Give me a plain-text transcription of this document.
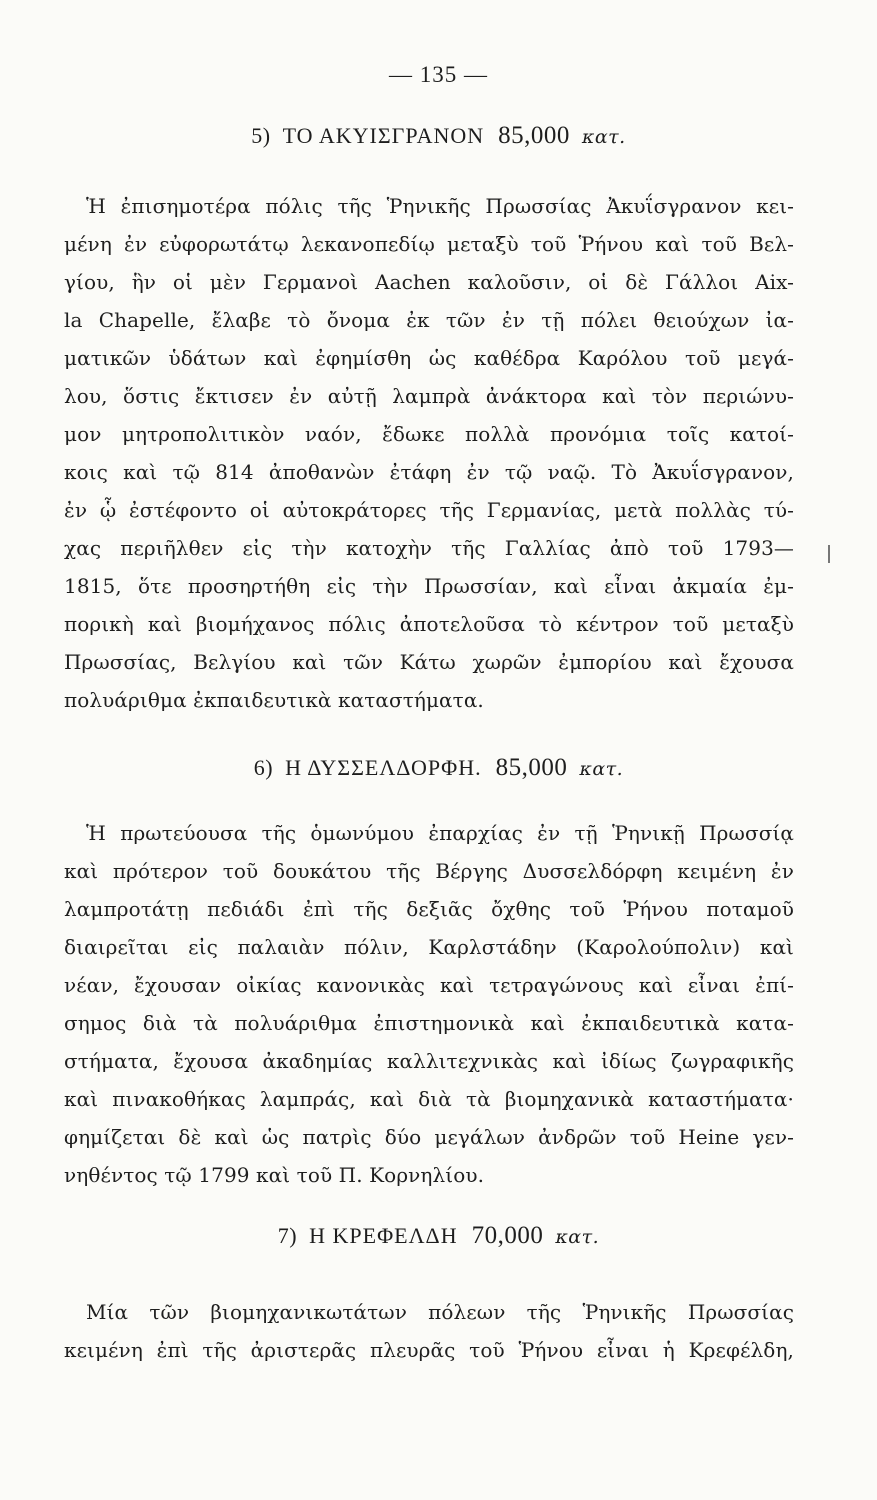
— 135 —
5) ΤΟ ΑΚΥΙΣΓΡΑΝΟΝ 85,000 κατ.
Ἡ ἐπισημοτέρα πόλις τῆς Ῥηνικῆς Πρωσσίας Ἀκυΐσγρανον κει-
μένη ἐν εὐφορωτάτῳ λεκανοπεδίῳ μεταξὺ τοῦ Ῥήνου καὶ τοῦ Βελ-
γίου, ἣν οἱ μὲν Γερμανοὶ Aachen καλοῦσιν, οἱ δὲ Γάλλοι Aix-
la Chapelle, ἔλαβε τὸ ὄνομα ἐκ τῶν ἐν τῇ πόλει θειούχων ἰα-
ματικῶν ὑδάτων καὶ ἐφημίσθη ὡς καθέδρα Καρόλου τοῦ μεγά-
λου, ὅστις ἔκτισεν ἐν αὐτῇ λαμπρὰ ἀνάκτορα καὶ τὸν περιώνυ-
μον μητροπολιτικὸν ναόν, ἔδωκε πολλὰ προνόμια τοῖς κατοί-
κοις καὶ τῷ 814 ἀποθανὼν ἐτάφη ἐν τῷ ναῷ. Τὸ Ἀκυΐσγρανον,
ἐν ᾧ ἐστέφοντο οἱ αὐτοκράτορες τῆς Γερμανίας, μετὰ πολλὰς τύ-
χας περιῆλθεν εἰς τὴν κατοχὴν τῆς Γαλλίας ἀπὸ τοῦ 1793—
1815, ὅτε προσηρτήθη εἰς τὴν Πρωσσίαν, καὶ εἶναι ἀκμαία ἐμ-
πορικὴ καὶ βιομήχανος πόλις ἀποτελοῦσα τὸ κέντρον τοῦ μεταξὺ
Πρωσσίας, Βελγίου καὶ τῶν Κάτω χωρῶν ἐμπορίου καὶ ἔχουσα
πολυάριθμα ἐκπαιδευτικὰ καταστήματα.
6) Η ΔΥΣΣΕΛΔΟΡΦΗ. 85,000 κατ.
Ἡ πρωτεύουσα τῆς ὁμωνύμου ἐπαρχίας ἐν τῇ Ῥηνικῇ Πρωσσίᾳ
καὶ πρότερον τοῦ δουκάτου τῆς Βέργης Δυσσελδόρφη κειμένη ἐν
λαμπροτάτῃ πεδιάδι ἐπὶ τῆς δεξιᾶς ὄχθης τοῦ Ῥήνου ποταμοῦ
διαιρεῖται εἰς παλαιὰν πόλιν, Καρλστάδην (Καρολούπολιν) καὶ
νέαν, ἔχουσαν οἰκίας κανονικὰς καὶ τετραγώνους καὶ εἶναι ἐπί-
σημος διὰ τὰ πολυάριθμα ἐπιστημονικὰ καὶ ἐκπαιδευτικὰ κατα-
στήματα, ἔχουσα ἀκαδημίας καλλιτεχνικὰς καὶ ἰδίως ζωγραφικῆς
καὶ πινακοθήκας λαμπράς, καὶ διὰ τὰ βιομηχανικὰ καταστήματα·
φημίζεται δὲ καὶ ὡς πατρὶς δύο μεγάλων ἀνδρῶν τοῦ Heine γεν-
νηθέντος τῷ 1799 καὶ τοῦ Π. Κορνηλίου.
7) Η ΚΡΕΦΕΛΔΗ 70,000 κατ.
Μία τῶν βιομηχανικωτάτων πόλεων τῆς Ῥηνικῆς Πρωσσίας
κειμένη ἐπὶ τῆς ἀριστερᾶς πλευρᾶς τοῦ Ῥήνου εἶναι ἡ Κρεφέλδη,
